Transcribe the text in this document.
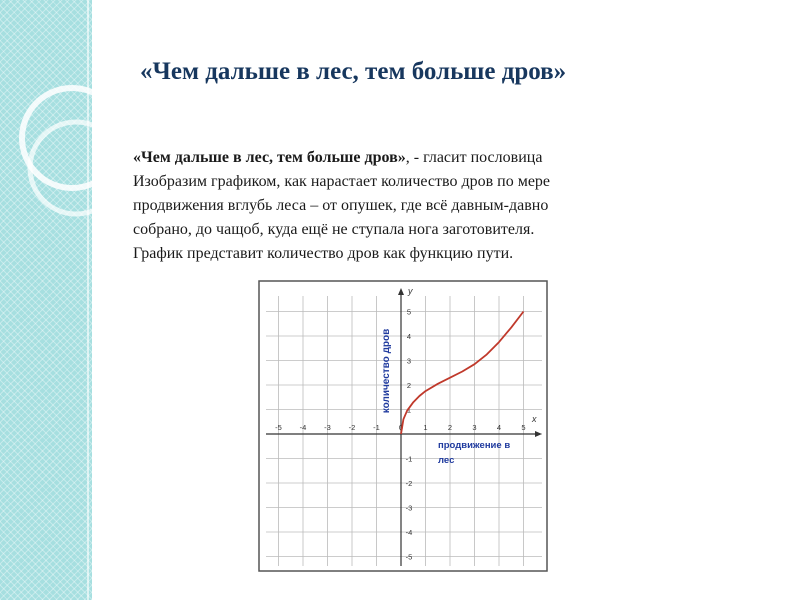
«Чем дальше в лес, тем больше дров»
«Чем дальше в лес, тем больше дров», - гласит пословица
Изобразим графиком, как нарастает количество дров по мере
продвижения вглубь леса – от опушек, где всё давным-давно
собрано, до чащоб, куда ещё не ступала нога заготовителя.
График представит количество дров как функцию пути.
x
y
-5 -4 -3 -2 -1	0	1	2	3	4	5
-5
-4
-3
-2
-1
1
2
3
4
5
количество дров
продвижение в
лес
